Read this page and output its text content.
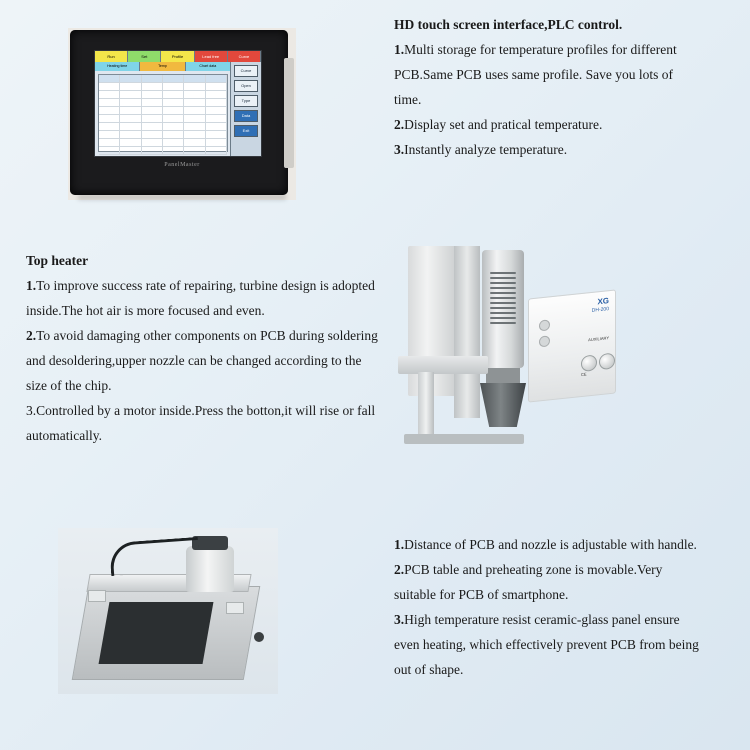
Run	Set	Profile	Lead free	Curve
Heating time	Temp	Chart data
Curve
Open
Type
Data
Exit
PanelMaster

HD touch screen interface,PLC control.

1.Multi storage for temperature profiles for different PCB.Same PCB uses same profile. Save you lots of time.

2.Display set and pratical temperature.

3.Instantly analyze temperature.

Top heater

1.To improve success rate of repairing, turbine design is adopted inside.The hot air is more focused and even.

2.To avoid damaging other components on PCB during soldering and desoldering,upper nozzle can be changed according to the size of the chip.

3.Controlled by a motor inside.Press the botton,it will rise or fall automatically.

XG
DH-200
AUXILIARY
CE

1.Distance of PCB and nozzle is adjustable with handle.

2.PCB table and preheating zone is movable.Very suitable for PCB of smartphone.

3.High temperature resist ceramic-glass panel ensure even heating, which effectively prevent PCB from being out of shape.
